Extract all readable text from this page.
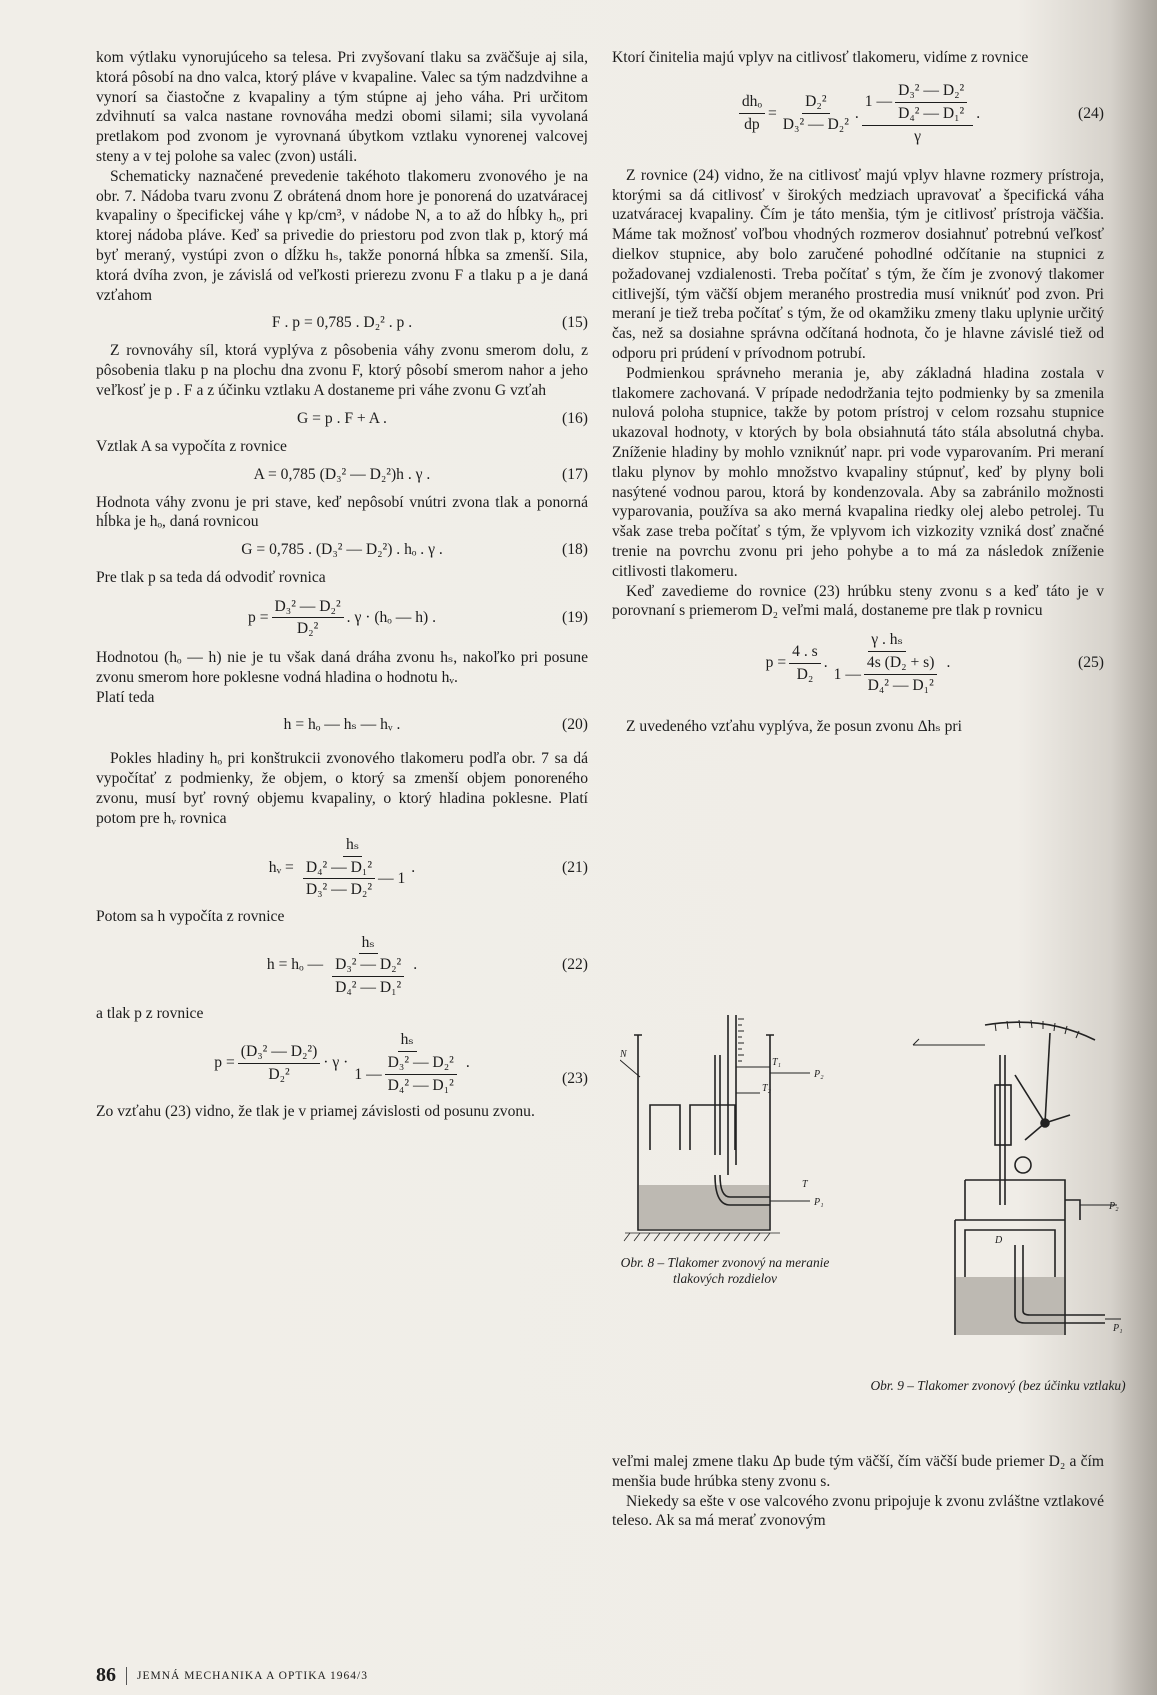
kom výtlaku vynorujúceho sa telesa. Pri zvyšovaní tlaku sa zväčšuje aj sila, ktorá pôsobí na dno valca, ktorý pláve v kvapaline. Valec sa tým nadzdvihne a vynorí sa čiastočne z kvapaliny a tým stúpne aj jeho váha. Pri určitom zdvihnutí sa valca nastane rovnováha medzi obomi silami; sila vyvolaná pretlakom pod zvonom je vyrovnaná úbytkom vztlaku vynorenej valcovej steny a v tej polohe sa valec (zvon) ustáli.

Schematicky naznačené prevedenie takéhoto tlakomeru zvonového je na obr. 7. Nádoba tvaru zvonu Z obrátená dnom hore je ponorená do uzatváracej kvapaliny o špecifickej váhe γ kp/cm³, v nádobe N, a to až do hĺbky hₒ, pri ktorej nádoba pláve. Keď sa privedie do priestoru pod zvon tlak p, ktorý má byť meraný, vystúpi zvon o dĺžku hₛ, takže ponorná hĺbka sa zmenší. Sila, ktorá dvíha zvon, je závislá od veľkosti prierezu zvonu F a tlaku p a je daná vzťahom

F . p = 0,785 . D₂² . p .	(15)

Z rovnováhy síl, ktorá vyplýva z pôsobenia váhy zvonu smerom dolu, z pôsobenia tlaku p na plochu dna zvonu F, ktorý pôsobí smerom nahor a jeho veľkosť je p . F a z účinku vztlaku A dostaneme pri váhe zvonu G vzťah

G = p . F + A .	(16)

Vztlak A sa vypočíta z rovnice

A = 0,785 (D₃² — D₂²)h . γ .	(17)

Hodnota váhy zvonu je pri stave, keď nepôsobí vnútri zvona tlak a ponorná hĺbka je hₒ, daná rovnicou

G = 0,785 . (D₃² — D₂²) . hₒ . γ .	(18)

Pre tlak p sa teda dá odvodiť rovnica

$p = \frac{\text{D₃² — D₂²}}{\text{D₂²}}$ . γ · (hₒ — h) .	(19)

Hodnotou (hₒ — h) nie je tu však daná dráha zvonu hₛ, nakoľko pri posune zvonu smerom hore poklesne vodná hladina o hodnotu hᵥ.

Platí teda

h = hₒ — hₛ — hᵥ .	(20)

Pokles hladiny hₒ pri konštrukcii zvonového tlakomeru podľa obr. 7 sa dá vypočítať z podmienky, že objem, o ktorý sa zmenší objem ponoreného zvonu, musí byť rovný objemu kvapaliny, o ktorý hladina poklesne. Platí potom pre hᵥ rovnica

hᵥ = $\frac{\text{hₛ}}{\frac{\text{D₄² — D₁²}}{\text{D₃² — D₂²}} — 1}$ .	(21)

Potom sa h vypočíta z rovnice

h = hₒ — $\frac{\text{hₛ}}{\frac{\text{D₃² — D₂²}}{\text{D₄² — D₁²}}}$ .	(22)

a tlak p z rovnice

$p = \frac{\text{(D₃² — D₂²)}}{\text{D₂²}} \cdot \gamma \cdot \frac{\text{hₛ}}{1 — \frac{\text{D₃² — D₂²}}{\text{D₄² — D₁²}}}$ .
(23)

Zo vzťahu (23) vidno, že tlak je v priamej závislosti od posunu zvonu.

Ktorí činitelia majú vplyv na citlivosť tlakomeru, vidíme z rovnice

$\frac{\text{dhₒ}}{dp} = \frac{\text{D₂²}}{\text{D₃² — D₂²}}$ . $\frac{1 — \frac{\text{D₃² — D₂²}}{\text{D₄² — D₁²}}}{\gamma}$ .	(24)

Z rovnice (24) vidno, že na citlivosť majú vplyv hlavne rozmery prístroja, ktorými sa dá citlivosť v širokých medziach upravovať a špecifická váha uzatváracej kvapaliny. Čím je táto menšia, tým je citlivosť prístroja väčšia. Máme tak možnosť voľbou vhodných rozmerov dosiahnuť potrebnú veľkosť dielkov stupnice, aby bolo zaručené pohodlné odčítanie na stupnici z požadovanej vzdialenosti. Treba počítať s tým, že čím je zvonový tlakomer citlivejší, tým väčší objem meraného prostredia musí vniknúť pod zvon. Pri meraní je tiež treba počítať s tým, že od okamžiku zmeny tlaku uplynie určitý čas, než sa dosiahne správna odčítaná hodnota, čo je hlavne závislé tiež od odporu pri prúdení v prívodnom potrubí.

Podmienkou správneho merania je, aby základná hladina zostala v tlakomere zachovaná. V prípade nedodržania tejto podmienky by sa zmenila nulová poloha stupnice, takže by potom prístroj v celom rozsahu stupnice ukazoval hodnoty, v ktorých by bola obsiahnutá táto stála absolutná chyba. Zníženie hladiny by mohlo vzniknúť napr. pri vode vyparovaním. Pri meraní tlaku plynov by mohlo množstvo kvapaliny stúpnuť, keď by plyny boli nasýtené vodnou parou, ktorá by kondenzovala. Aby sa zabránilo možnosti vyparovania, používa sa ako merná kvapalina riedky olej alebo petrolej. Tu však zase treba počítať s tým, že vplyvom ich vizkozity vzniká dosť značné trenie na povrchu zvonu pri jeho pohybe a to má za následok zníženie citlivosti tlakomeru.

Keď zavedieme do rovnice (23) hrúbku steny zvonu s a keď táto je v porovnaní s priemerom D₂ veľmi malá, dostaneme pre tlak p rovnicu

$p = \frac{4 . s}{\text{D₂}}$ . $\frac{\text{γ . hₛ}}{1 — \frac{\text{4s (D₂ + s)}}{\text{D₄² — D₁²}}}$ .	(25)

Z uvedeného vzťahu vyplýva, že posun zvonu Δhₛ pri

N
T₁
T₂
T
P₂
P₁
Obr. 8 – Tlakomer zvonový na meranie tlakových rozdielov
D
P₂
P₁
Obr. 9 – Tlakomer zvonový (bez účinku vztlaku)

veľmi malej zmene tlaku Δp bude tým väčší, čím väčší bude priemer D₂ a čím menšia bude hrúbka steny zvonu s.

Niekedy sa ešte v ose valcového zvonu pripojuje k zvonu zvláštne vztlakové teleso. Ak sa má merať zvonovým

86 JEMNÁ MECHANIKA A OPTIKA 1964/3
